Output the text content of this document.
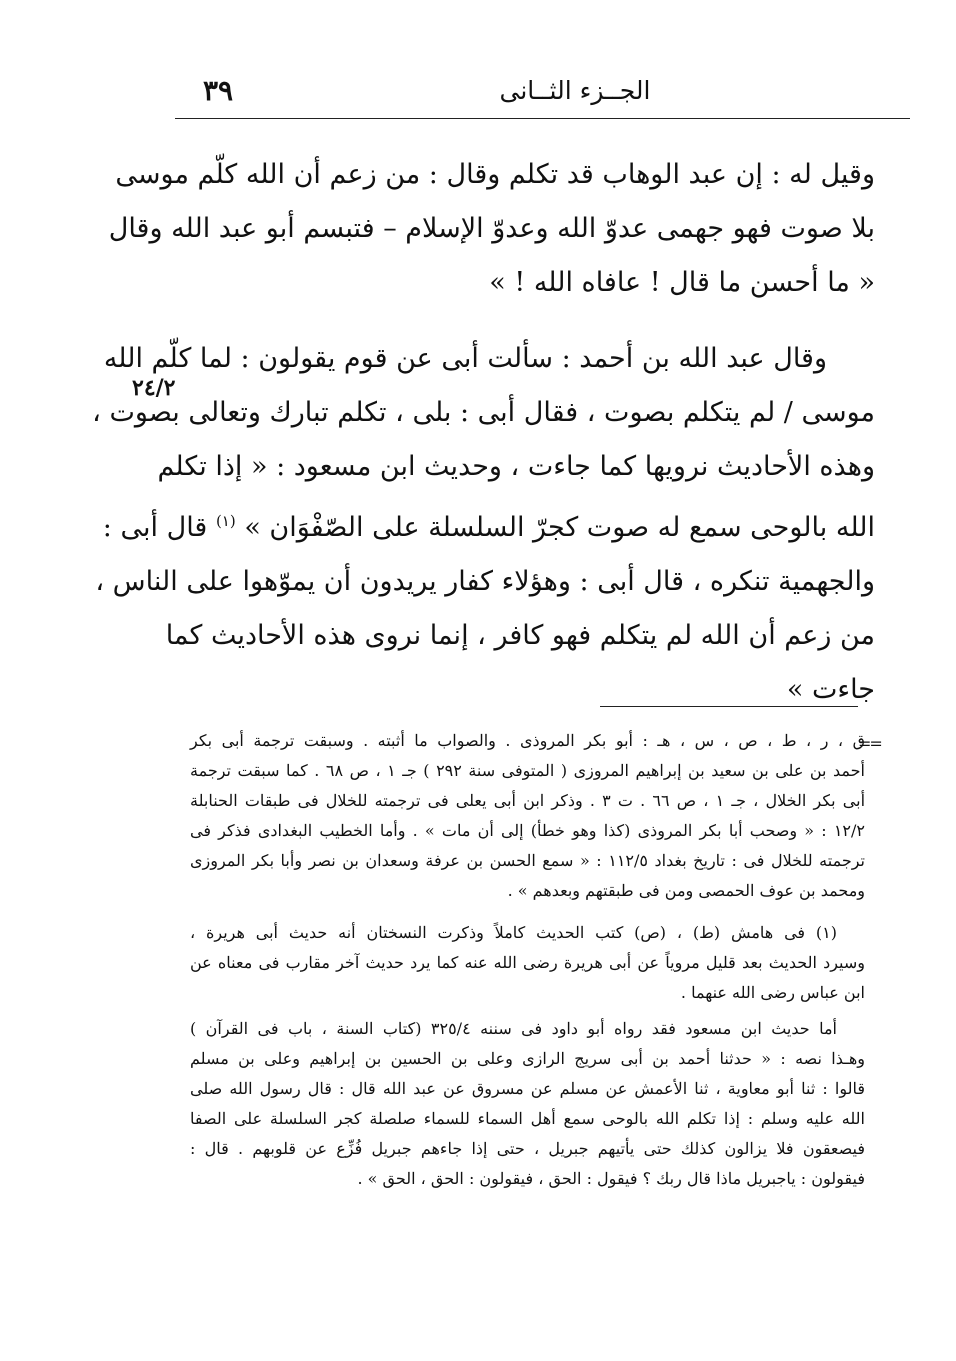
٣٩	الجــزء الثــانى
٢٤/٢

وقيل له : إن عبد الوهاب قد تكلم وقال : من زعم أن الله كلّم موسى
بلا صوت فهو جهمى عدوّ الله وعدوّ الإسلام – فتبسم أبو عبد الله وقال
« ما أحسن ما قال ! عافاه الله ! »

وقال عبد الله بن أحمد : سألت أبى عن قوم يقولون : لما كلّم الله
موسى / لم يتكلم بصوت ، فقال أبى : بلى ، تكلم تبارك وتعالى بصوت ،
وهذه الأحاديث نرويها كما جاءت ، وحديث ابن مسعود : « إذا تكلم
الله بالوحى سمع له صوت كجرّ السلسلة على الصّفْوَان » $^{(١)}$ قال أبى :
والجهمية تنكره ، قال أبى : وهؤلاء كفار يريدون أن يموّهوا على الناس ،
من زعم أن الله لم يتكلم فهو كافر ، إنما نروى هذه الأحاديث كما
جاءت »

==
ق ، ر ، ط ، ص ، س ، هـ : أبو بكر المروذى . والصواب ما أثبته . وسبقت ترجمة أبى بكر
أحمد بن على بن سعيد بن إبراهيم المروزى ( المتوفى سنة ٢٩٢ ) جـ ١ ، ص ٦٨ . كما سبقت ترجمة
أبى بكر الخلال ، جـ ١ ، ص ٦٦ . ت ٣ . وذكر ابن أبى يعلى فى ترجمته للخلال فى طبقات الحنابلة
١٢/٢ : « وصحب أبا بكر المروذى (كذا وهو خطأ) إلى أن مات » . وأما الخطيب البغدادى فذكر فى
ترجمته للخلال فى : تاريخ بغداد ١١٢/٥ : « سمع الحسن بن عرفة وسعدان بن نصر وأبا بكر المروزى
ومحمد بن عوف الحمصى ومن فى طبقتهم وبعدهم » .
(١) فى هامش (ط) ، (ص) كتب الحديث كاملاً وذكرت النسختان أنه حديث أبى هريرة ،
وسيرد الحديث بعد قليل مروياً عن أبى هريرة رضى الله عنه كما يرد حديث آخر مقارب فى معناه عن
ابن عباس رضى الله عنهما .
أما حديث ابن مسعود فقد رواه أبو داود فى سننه ٣٢٥/٤ (كتاب السنة ، باب فى القرآن )
وهـذا نصه : « حدثنا أحمد بن أبى سريج الرازى وعلى بن الحسين بن إبراهيم وعلى بن مسلم
قالوا : ثنا أبو معاوية ، ثنا الأعمش عن مسلم عن مسروق عن عبد الله قال : قال رسول الله صلى
الله عليه وسلم : إذا تكلم الله بالوحى سمع أهل السماء للسماء صلصلة كجر السلسلة على الصفا
فيصعقون فلا يزالون كذلك حتى يأتيهم جبريل ، حتى إذا جاءهم جبريل فُزِّع عن قلوبهم . قال :
فيقولون : ياجبريل ماذا قال ربك ؟ فيقول : الحق ، فيقولون : الحق ، الحق » .
